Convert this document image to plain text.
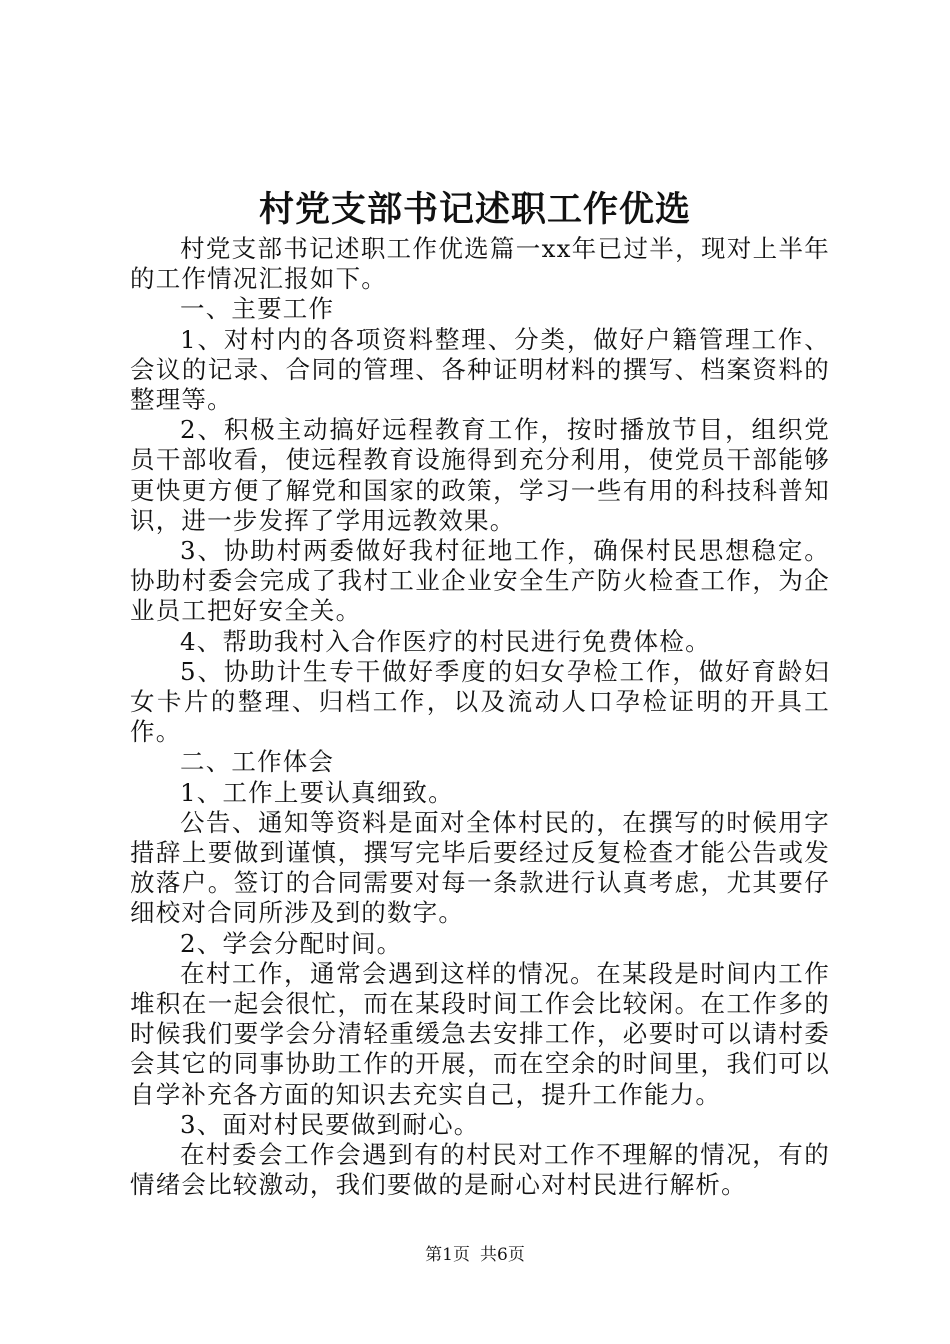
村党支部书记述职工作优选

村党支部书记述职工作优选篇一xx年已过半，现对上半年的工作情况汇报如下。

一、主要工作

1、对村内的各项资料整理、分类，做好户籍管理工作、会议的记录、合同的管理、各种证明材料的撰写、档案资料的整理等。

2、积极主动搞好远程教育工作，按时播放节目，组织党员干部收看，使远程教育设施得到充分利用，使党员干部能够更快更方便了解党和国家的政策，学习一些有用的科技科普知识，进一步发挥了学用远教效果。

3、协助村两委做好我村征地工作，确保村民思想稳定。协助村委会完成了我村工业企业安全生产防火检查工作，为企业员工把好安全关。

4、帮助我村入合作医疗的村民进行免费体检。

5、协助计生专干做好季度的妇女孕检工作，做好育龄妇女卡片的整理、归档工作，以及流动人口孕检证明的开具工作。

二、工作体会

1、工作上要认真细致。

公告、通知等资料是面对全体村民的，在撰写的时候用字措辞上要做到谨慎，撰写完毕后要经过反复检查才能公告或发放落户。签订的合同需要对每一条款进行认真考虑，尤其要仔细校对合同所涉及到的数字。

2、学会分配时间。

在村工作，通常会遇到这样的情况。在某段是时间内工作堆积在一起会很忙，而在某段时间工作会比较闲。在工作多的时候我们要学会分清轻重缓急去安排工作，必要时可以请村委会其它的同事协助工作的开展，而在空余的时间里，我们可以自学补充各方面的知识去充实自己，提升工作能力。

3、面对村民要做到耐心。

在村委会工作会遇到有的村民对工作不理解的情况，有的情绪会比较激动，我们要做的是耐心对村民进行解析。

第1页 共6页
